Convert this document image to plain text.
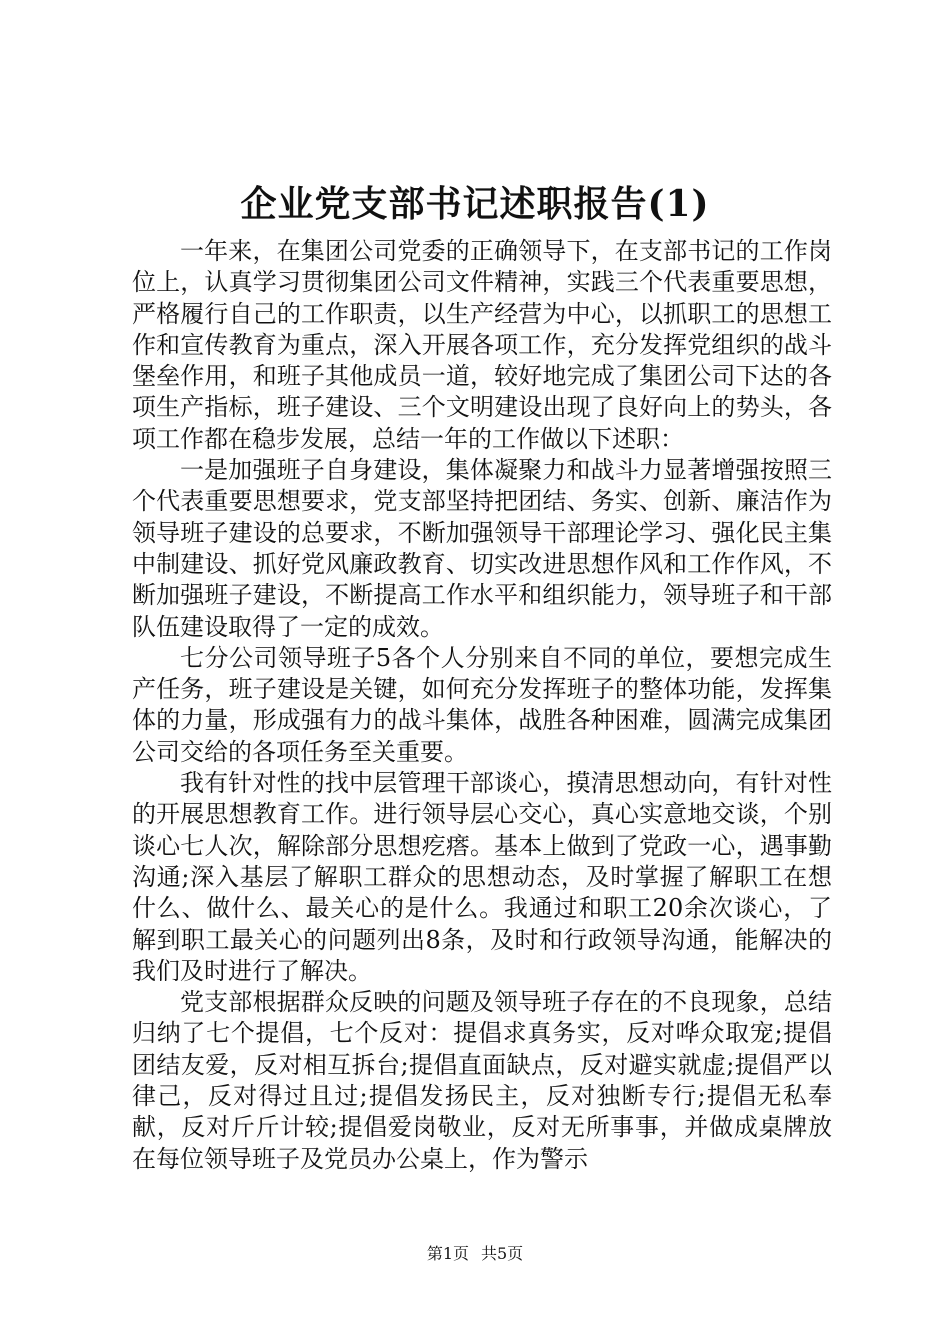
企业党支部书记述职报告(1)

一年来，在集团公司党委的正确领导下，在支部书记的工作岗位上，认真学习贯彻集团公司文件精神，实践三个代表重要思想，严格履行自己的工作职责，以生产经营为中心，以抓职工的思想工作和宣传教育为重点，深入开展各项工作，充分发挥党组织的战斗堡垒作用，和班子其他成员一道，较好地完成了集团公司下达的各项生产指标，班子建设、三个文明建设出现了良好向上的势头，各项工作都在稳步发展，总结一年的工作做以下述职：

一是加强班子自身建设，集体凝聚力和战斗力显著增强按照三个代表重要思想要求，党支部坚持把团结、务实、创新、廉洁作为领导班子建设的总要求，不断加强领导干部理论学习、强化民主集中制建设、抓好党风廉政教育、切实改进思想作风和工作作风，不断加强班子建设，不断提高工作水平和组织能力，领导班子和干部队伍建设取得了一定的成效。

七分公司领导班子5各个人分别来自不同的单位，要想完成生产任务，班子建设是关键，如何充分发挥班子的整体功能，发挥集体的力量，形成强有力的战斗集体，战胜各种困难，圆满完成集团公司交给的各项任务至关重要。

我有针对性的找中层管理干部谈心，摸清思想动向，有针对性的开展思想教育工作。进行领导层心交心，真心实意地交谈，个别谈心七人次，解除部分思想疙瘩。基本上做到了党政一心，遇事勤沟通;深入基层了解职工群众的思想动态，及时掌握了解职工在想什么、做什么、最关心的是什么。我通过和职工20余次谈心，了解到职工最关心的问题列出8条，及时和行政领导沟通，能解决的我们及时进行了解决。

党支部根据群众反映的问题及领导班子存在的不良现象，总结归纳了七个提倡，七个反对：提倡求真务实，反对哗众取宠;提倡团结友爱，反对相互拆台;提倡直面缺点，反对避实就虚;提倡严以律己，反对得过且过;提倡发扬民主，反对独断专行;提倡无私奉献，反对斤斤计较;提倡爱岗敬业，反对无所事事，并做成桌牌放在每位领导班子及党员办公桌上，作为警示

第1页 共5页
